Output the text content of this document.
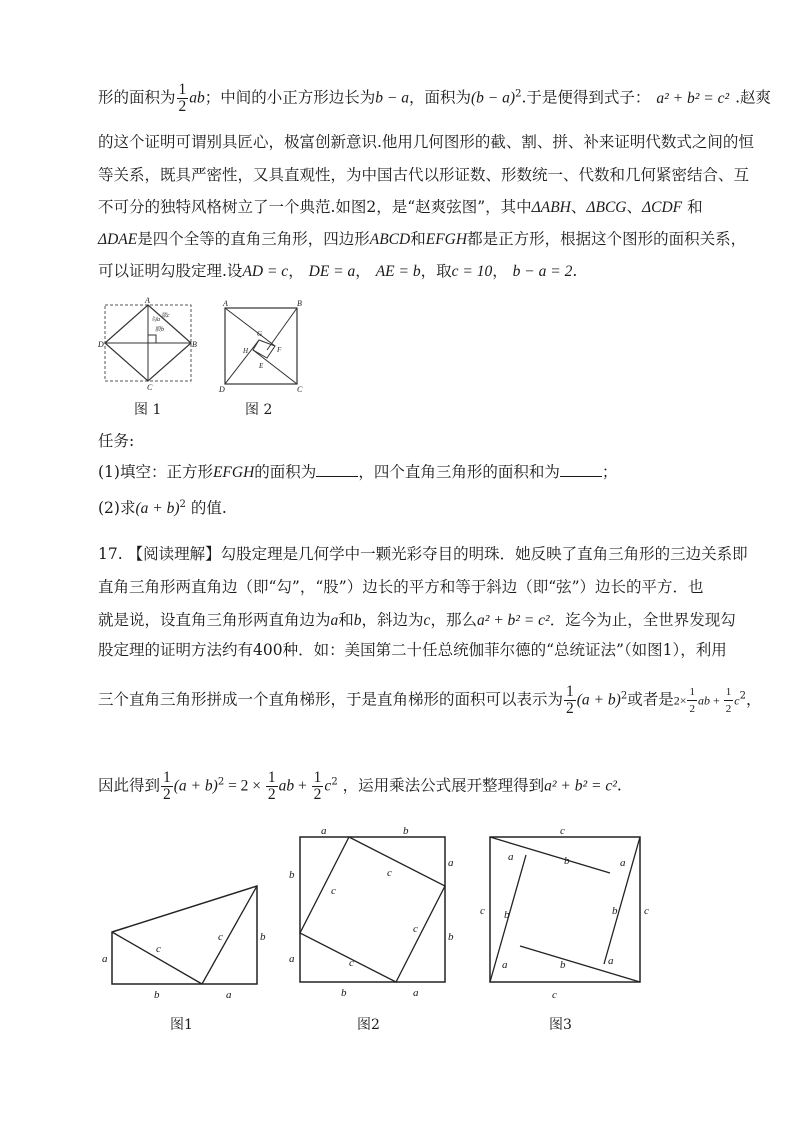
形的面积为 $\frac{1}{2}$ ab；中间的小正方形边长为b − a，面积为$(b - a)^2$.于是便得到式子： a² + b² = c² .赵爽
的这个证明可谓别具匠心，极富创新意识.他用几何图形的截、割、拼、补来证明代数式之间的恒
等关系，既具严密性，又具直观性，为中国古代以形证数、形数统一、代数和几何紧密结合、互
不可分的独特风格树立了一个典范.如图2，是“赵爽弦图”，其中ΔABH、ΔBCG、ΔCDF 和
ΔDAE是四个全等的直角三角形，四边形ABCD和EFGH都是正方形，根据这个图形的面积关系，
可以证明勾股定理.设AD = c， DE = a， AE = b，取c = 10， b − a = 2.
A
B
C
D
勾a
弦c
股b
图 1
A	B
C
D
G
F
H
E
图 2
任务:
(1)填空：正方形EFGH的面积为	，四个直角三角形的面积和为	；
(2)求$(a + b)^2$ 的值.
17. 【阅读理解】勾股定理是几何学中一颗光彩夺目的明珠．她反映了直角三角形的三边关系即
直角三角形两直角边（即“勾”，“股”）边长的平方和等于斜边（即“弦”）边长的平方．也
就是说，设直角三角形两直角边为a和b，斜边为c，那么a² + b² = c²．迄今为止，全世界发现勾
股定理的证明方法约有400种．如：美国第二十任总统伽菲尔德的“总统证法”（如图1），利用
三个直角三角形拼成一个直角梯形，于是直角梯形的面积可以表示为 $\frac{1}{2} (a + b)^2$或者是$2\times \frac{1}{2}$ ab + $\frac{1}{2} c^2$，
因此得到 $\frac{1}{2} (a + b)^2 = 2 \times \frac{1}{2}$ ab + $\frac{1}{2} c^2$ ，运用乘法公式展开整理得到a² + b² = c².
a
b	a
b
c
c
图1
a	b
a
b
a
b
a
b	c
c
c
c
图2
c
c
c
c
a	b	a
b
a
b
a
b
图3
